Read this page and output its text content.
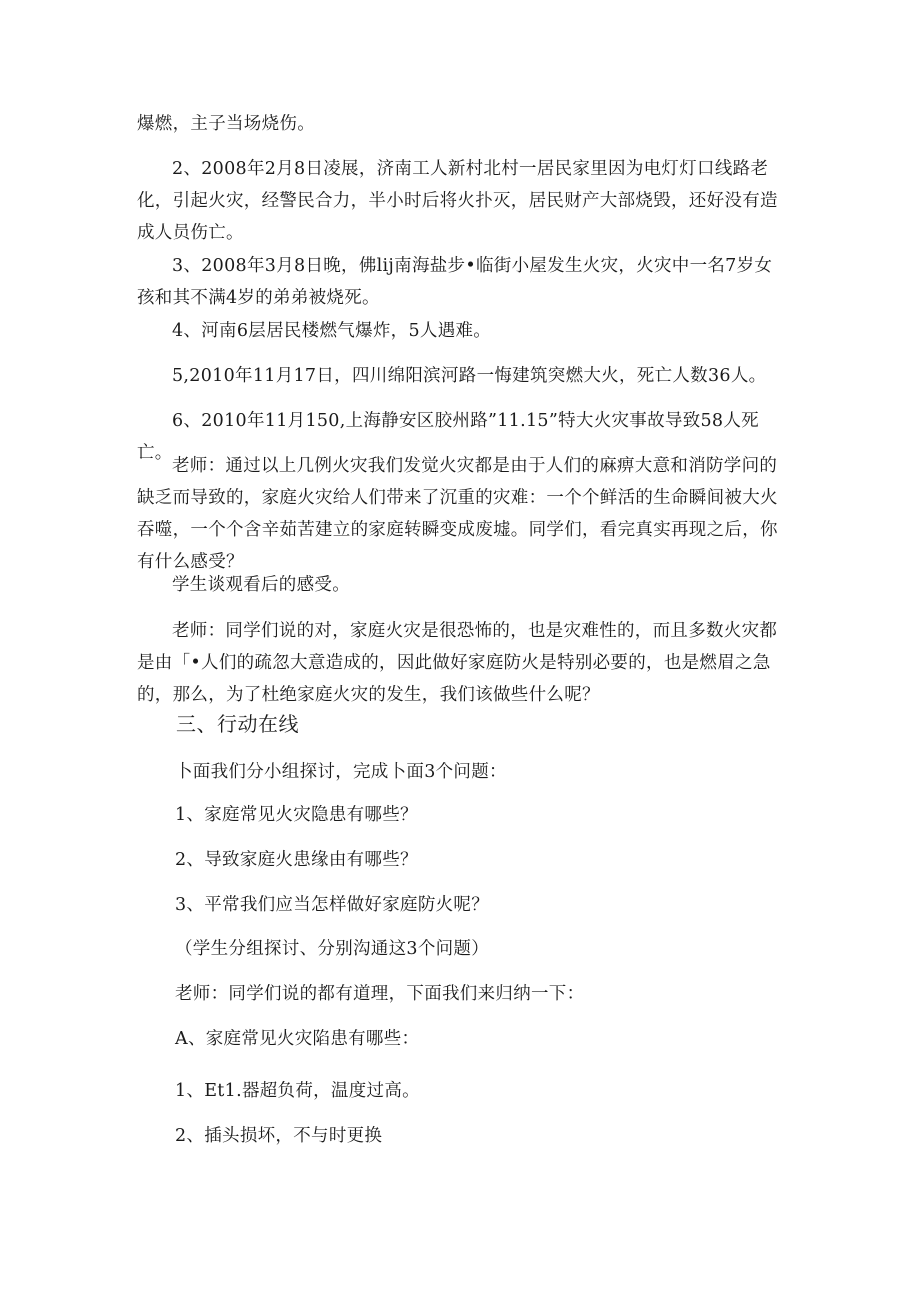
爆燃，主子当场烧伤。

2、2008年2月8日凌展，济南工人新村北村一居民家里因为电灯灯口线路老化，引起火灾，经警民合力，半小时后将火扑灭，居民财产大部烧毁，还好没有造成人员伤亡。

3、2008年3月8日晚，佛lij南海盐步•临街小屋发生火灾，火灾中一名7岁女孩和其不满4岁的弟弟被烧死。

4、河南6层居民楼燃气爆炸，5人遇难。

5,2010年11月17日，四川绵阳滨河路一悔建筑突燃大火，死亡人数36人。

6、2010年11月150,上海静安区胶州路”11.15”特大火灾事故导致58人死亡。

老师：通过以上几例火灾我们发觉火灾都是由于人们的麻痹大意和消防学问的缺乏而导致的，家庭火灾给人们带来了沉重的灾难：一个个鲜活的生命瞬间被大火吞噬，一个个含辛茹苦建立的家庭转瞬变成废墟。同学们，看完真实再现之后，你有什么感受？

学生谈观看后的感受。

老师：同学们说的对，家庭火灾是很恐怖的，也是灾难性的，而且多数火灾都是由「•人们的疏忽大意造成的，因此做好家庭防火是特别必要的，也是燃眉之急的，那么，为了杜绝家庭火灾的发生，我们该做些什么呢？

三、行动在线

卜面我们分小组探讨，完成卜面3个问题：

1、家庭常见火灾隐患有哪些？

2、导致家庭火患缘由有哪些？

3、平常我们应当怎样做好家庭防火呢？

（学生分组探讨、分别沟通这3个问题）

老师：同学们说的都有道理，下面我们来归纳一下：

A、家庭常见火灾陷患有哪些：

1、Et1.器超负荷，温度过高。

2、插头损坏，不与时更换
